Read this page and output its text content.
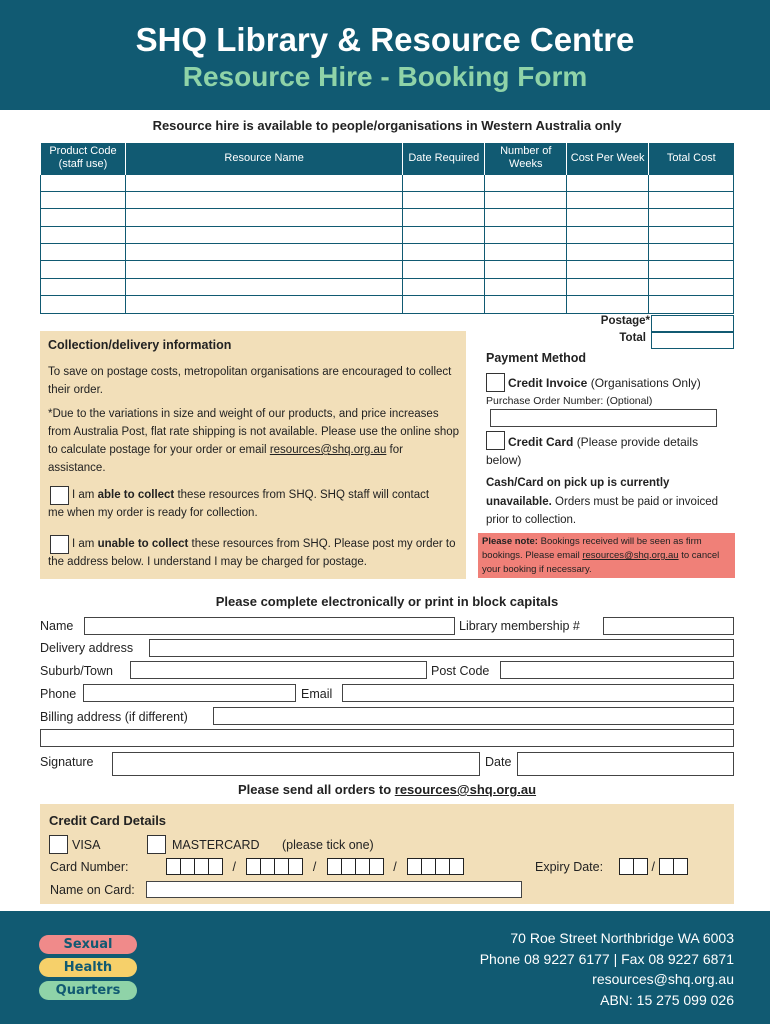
SHQ Library & Resource Centre
Resource Hire - Booking Form
Resource hire is available to people/organisations in Western Australia only
Product Code (staff use)	Resource Name	Date Required	Number of Weeks	Cost Per Week	Total Cost

Postage*
Total
Collection/delivery information
To save on postage costs, metropolitan organisations are encouraged to collect their order.
*Due to the variations in size and weight of our products, and price increases from Australia Post, flat rate shipping is not available. Please use the online shop to calculate postage for your order or email resources@shq.org.au for assistance.
I am able to collect these resources from SHQ. SHQ staff will contact me when my order is ready for collection.
I am unable to collect these resources from SHQ. Please post my order to the address below. I understand I may be charged for postage.
Payment Method
Credit Invoice (Organisations Only)
Purchase Order Number: (Optional)
Credit Card (Please provide details below)
Cash/Card on pick up is currently unavailable. Orders must be paid or invoiced prior to collection.
Please note: Bookings received will be seen as firm bookings. Please email resources@shq.org.au to cancel your booking if necessary.
Please complete electronically or print in block capitals
Name	Library membership #
Delivery address
Suburb/Town	Post Code
Phone	Email
Billing address (if different)
Signature	Date
Please send all orders to resources@shq.org.au
Credit Card Details
VISA	MASTERCARD (please tick one)
Card Number:	/	/	/	Expiry Date:	/
Name on Card:
Sexual
Health
Quarters
70 Roe Street Northbridge WA 6003
Phone 08 9227 6177 | Fax 08 9227 6871
resources@shq.org.au
ABN: 15 275 099 026
